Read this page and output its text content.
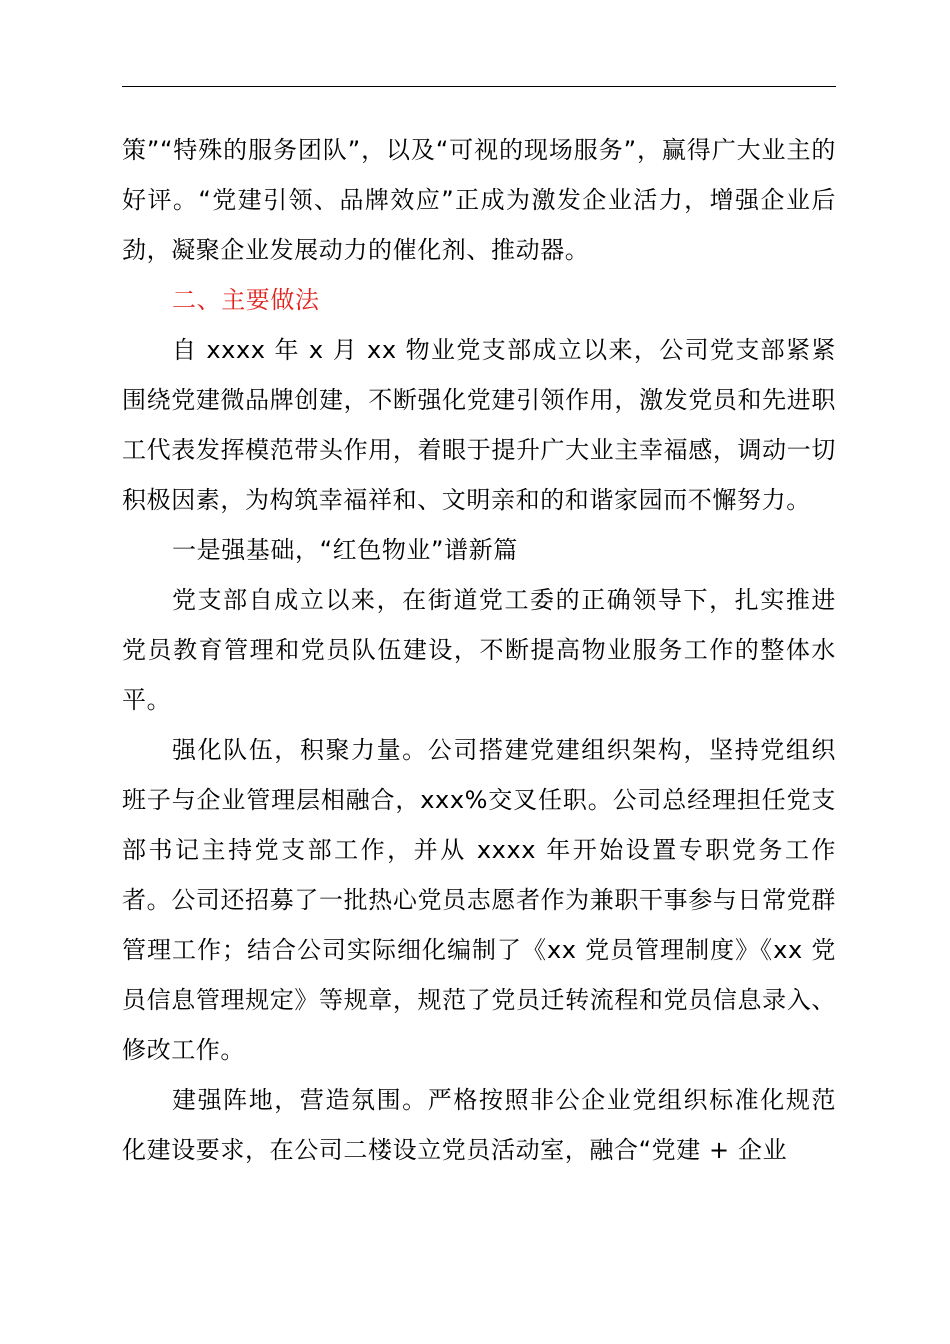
策”“特殊的服务团队”，以及“可视的现场服务”，赢得广大业主的好评。“党建引领、品牌效应”正成为激发企业活力，增强企业后劲，凝聚企业发展动力的催化剂、推动器。

二、主要做法

自 xxxx 年 x 月 xx 物业党支部成立以来，公司党支部紧紧围绕党建微品牌创建，不断强化党建引领作用，激发党员和先进职工代表发挥模范带头作用，着眼于提升广大业主幸福感，调动一切积极因素，为构筑幸福祥和、文明亲和的和谐家园而不懈努力。

一是强基础，“红色物业”谱新篇

党支部自成立以来，在街道党工委的正确领导下，扎实推进党员教育管理和党员队伍建设，不断提高物业服务工作的整体水平。

强化队伍，积聚力量。公司搭建党建组织架构，坚持党组织班子与企业管理层相融合，xxx%交叉任职。公司总经理担任党支部书记主持党支部工作，并从 xxxx 年开始设置专职党务工作者。公司还招募了一批热心党员志愿者作为兼职干事参与日常党群管理工作；结合公司实际细化编制了《xx 党员管理制度》《xx 党员信息管理规定》等规章，规范了党员迁转流程和党员信息录入、修改工作。

建强阵地，营造氛围。严格按照非公企业党组织标准化规范化建设要求，在公司二楼设立党员活动室，融合“党建 + 企业
